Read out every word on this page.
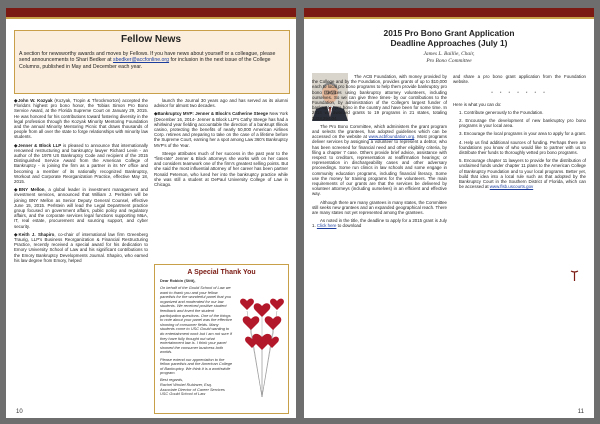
Fellow News
A section for newsworthy awards and moves by Fellows. If you have news about yourself or a colleague, please send announcements to Shari Bedker at sbedker@accfonline.org for inclusion in the next issue of the College Columns, published in May and December each year.

◆John W. Kozyak (Kozyak, Tropin & Throckmorton) accepted the Florida's highest pro bono honor, the Tobias Simon Pro Bono Service Award, at the Florida Supreme Court on January 29, 2015. He was honored for his contributions toward fostering diversity in the legal profession through the Kozyak Minority Mentoring Foundation and the annual Minority Mentoring Picnic that draws thousands of people from all over the state to forge relationships with minority law students.

◆Jenner & Block LLP is pleased to announce that internationally renowned restructuring and bankruptcy lawyer Richard Levin - an author of the 1978 US Bankruptcy Code and recipient of the 2015 Distinguished Service Award from the American College of Bankruptcy - is joining the firm as a partner in its NY office and becoming a member of its nationally recognized Bankruptcy, Workout and Corporate Reorganization Practice, effective May 18, 2015.

◆BNY Mellon, a global leader in investment management and investment services, announced that William J. Perlstein will be joining BNY Mellon as Senior Deputy General Counsel, effective June 15, 2015. Perlstein will lead the Legal Department practice group focused on government affairs, public policy and regulatory affairs, and the corporate services legal functions supporting M&A, IT, real estate, procurement and sourcing support, and cyber security.

◆Keith J. Shapiro, co-chair of international law firm Greenberg Traurig, LLP's Business Reorganization & Financial Restructuring Practice, recently received a special award for his dedication to Emory University School of Law and his significant contributions to the Emory Bankruptcy Developments Journal. Shapiro, who earned his law degree from Emory, helped

launch the Journal 30 years ago and has served as its alumni advisor for almost two decades.

◆Bankruptcy MVP: Jenner & Block's Catherine Steege New York (December 16, 2014- Jenner & Block LLP's Cathy Steege has had a whirlwind year fielding accountable the direction of a bankrupt Illinois casino, protecting the benefits of nearly 50,000 American Airlines Corp. retirees and preparing to take on the case of a lifetime before the Supreme Court, earning her a spot among Law 360's Bankruptcy MVP's of the Year.

Steege attributes much of her success in the past year to the "first-rate" Jenner & Block attorneys she works with on her cases and considers teamwork one of the firm's greatest selling points. But she said the most influential attorney of her career has been partner Ronald Peterson, who lured her into the bankruptcy practice while she was still a student at DePaul University College of Law in Chicago.

A Special Thank You

Dear Robbin (Stitt),

On behalf of the Gould School of Law we want to thank you and your fellow panelists for the wonderful panel that you organized and moderated for our law students. We received positive student feedback and loved the student participation questions. One of the things to note about your panel was the effective showing of consumer fields. Many students come to USC Gould wanting to do entertainment work but I am not sure if they have fully thought out what entertainment law is. I think your panel showed the consumer business both worlds.

Please extend our appreciation to the fellow panelists and the American College of Bankruptcy. We think it is a worthwhile program.

Best regards,

Rachel Wrobel Rubinzer, Esq.

Associate Director of Career Services

USC Gould School of Law

10
2015 Pro Bono Grant Application
Deadline Approaches (July 1)
James L. Baillie, Chair,
Pro Bono Committee

The ACB Foundation, with money provided by the College and by the Foundation, provides grants of up to $10,000 each to local pro bono programs to help them provide bankruptcy pro bono services using bankruptcy attorney volunteers, including ourselves. So we can give three times- by our contributions to the Foundation, by administration of the College's largest funder of bankruptcy pro bono in the country and have been for some time. In 2014 we awarded grants to 19 programs in 21 states, totaling $328,294.04.

The Pro Bono Committee, which administers the grant program and selects the grantees, has adopted guidelines which can be accessed on the website at www.acbfoundation.org. Most programs deliver services by assigning a volunteer to represent a debtor, who has been screened for financial need and other eligibility criteria, by filing a chapter 7 case. Others provide brief advice, assistance with respect to creditors, representation at reaffirmation hearings; or representation in dischargeability cases and other adversary proceedings. Some run clinics in law schools and some engage in community education programs, including financial literacy. Some use the money for training programs for the volunteers. The main requirements of our grants are that the services be delivered by volunteer attorneys (including ourselves) in an efficient and effective way.

Although there are many grantees in many states, the Committee still seeks new grantees and an expanded geographical reach. There are many states not yet represented among the grantees.

As noted in the title, the deadline to apply for a 2015 grant is July 1. Click here to download

and share a pro bono grant application from the Foundation website.

* * * * * * *

Here is what you can do:

1. Contribute generously to the Foundation.

2. Encourage the development of new bankruptcy pro bono programs in your local area.

3. Encourage the local programs in your area to apply for a grant.

4. Help us find additional sources of funding. Perhaps there are foundations you know of who would like to partner with us to distribute their funds to thoroughly vetted pro bono programs.

5. Encourage chapter 11 lawyers to provide for the distribution of unclaimed funds under chapter 11 plans to the American College of Bankruptcy Foundation and to your local programs. Better yet, build that idea into a local rule such as that adopted by the Bankruptcy Court in the Southern District of Florida, which can be accessed at www.flsb.uscourts.gov

11
